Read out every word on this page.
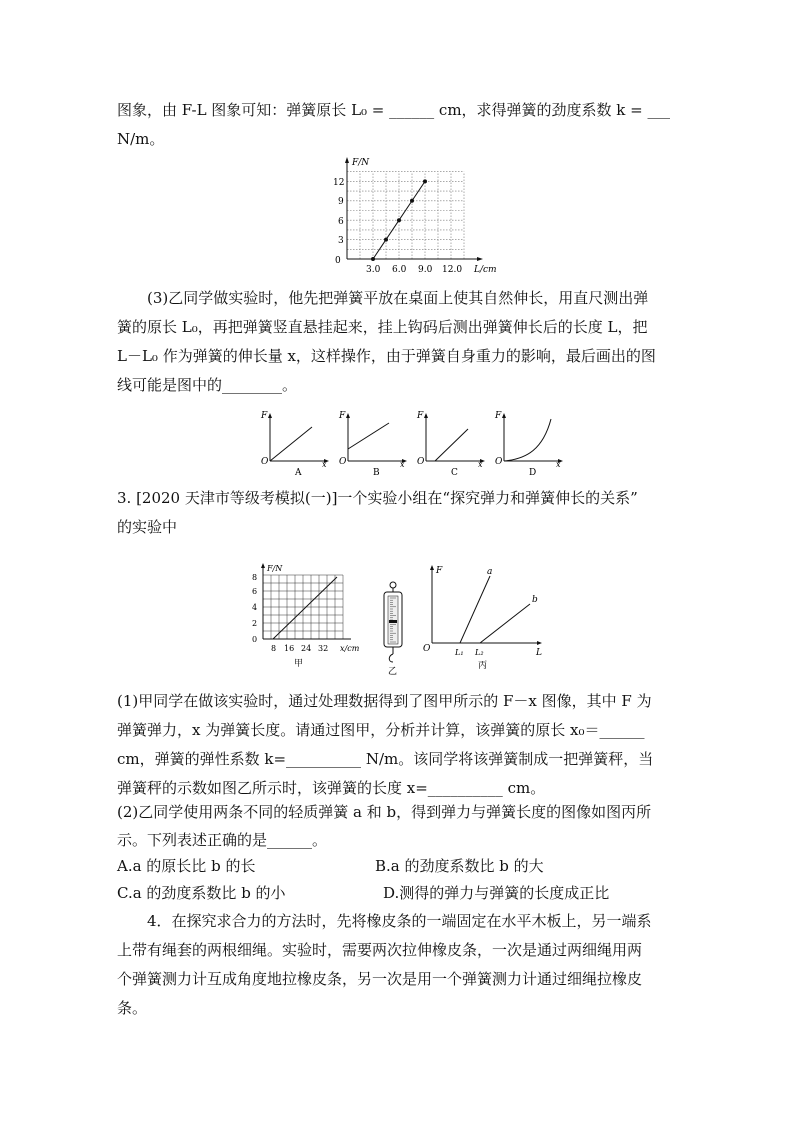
图象，由 F-L 图象可知：弹簧原长 L₀ = ______ cm，求得弹簧的劲度系数 k = ___
N/m。
F/N
L/cm
0
3
6
9
12
3.0 6.0 9.0 12.0
(3)乙同学做实验时，他先把弹簧平放在桌面上使其自然伸长，用直尺测出弹
簧的原长 L₀，再把弹簧竖直悬挂起来，挂上钩码后测出弹簧伸长后的长度 L，把
L－L₀ 作为弹簧的伸长量 x，这样操作，由于弹簧自身重力的影响，最后画出的图
线可能是图中的________。
F
O	x
A
F
O	x
B
F
O	x
C
F
O	x
D
3. [2020 天津市等级考模拟(一)]一个实验小组在“探究弹力和弹簧伸长的关系”
的实验中
F/N
x/cm
0
2
4
6
8
8 16 24 32
甲
乙
F
O	L
a
b
L₁ L₂
丙
(1)甲同学在做该实验时，通过处理数据得到了图甲所示的 F－x 图像，其中 F 为
弹簧弹力，x 为弹簧长度。请通过图甲，分析并计算，该弹簧的原长 x₀＝______
cm，弹簧的弹性系数 k=__________ N/m。该同学将该弹簧制成一把弹簧秤，当
弹簧秤的示数如图乙所示时，该弹簧的长度 x=__________ cm。
(2)乙同学使用两条不同的轻质弹簧 a 和 b，得到弹力与弹簧长度的图像如图丙所
示。下列表述正确的是______。
A.a 的原长比 b 的长	B.a 的劲度系数比 b 的大
C.a 的劲度系数比 b 的小	D.测得的弹力与弹簧的长度成正比
4．在探究求合力的方法时，先将橡皮条的一端固定在水平木板上，另一端系
上带有绳套的两根细绳。实验时，需要两次拉伸橡皮条，一次是通过两细绳用两
个弹簧测力计互成角度地拉橡皮条，另一次是用一个弹簧测力计通过细绳拉橡皮
条。
